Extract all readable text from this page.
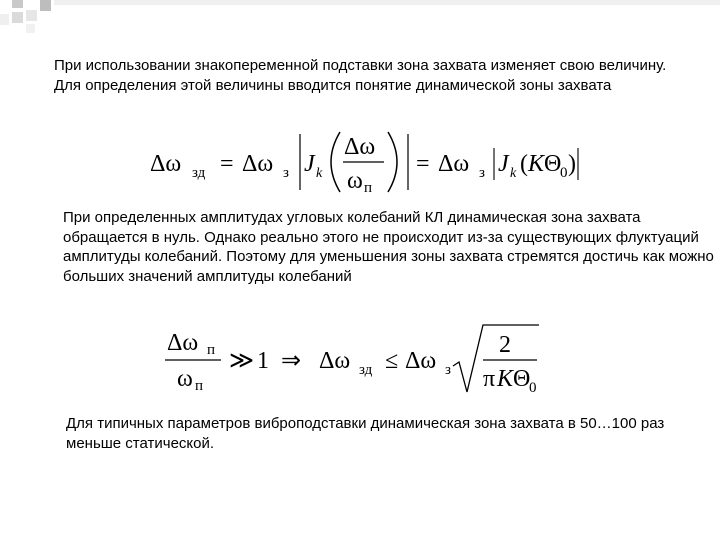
При использовании знакопеременной подставки зона захвата изменяет свою величину. Для определения этой величины вводится понятие динамической зоны захвата

Δω зд = Δω з J k
Δω
ω п
= Δω з J k ( K Θ
0 )

При определенных амплитудах угловых колебаний КЛ динамическая зона захвата обращается в нуль. Однако реально этого не происходит из-за существующих флуктуаций амплитуды колебаний. Поэтому для уменьшения зоны захвата стремятся достичь как можно больших значений амплитуды колебаний

Δω п
ω п
≫ 1 ⇒ Δω зд ≤ Δω з
2
π K Θ
0

Для типичных параметров виброподставки динамическая зона захвата в 50…100 раз меньше статической.
